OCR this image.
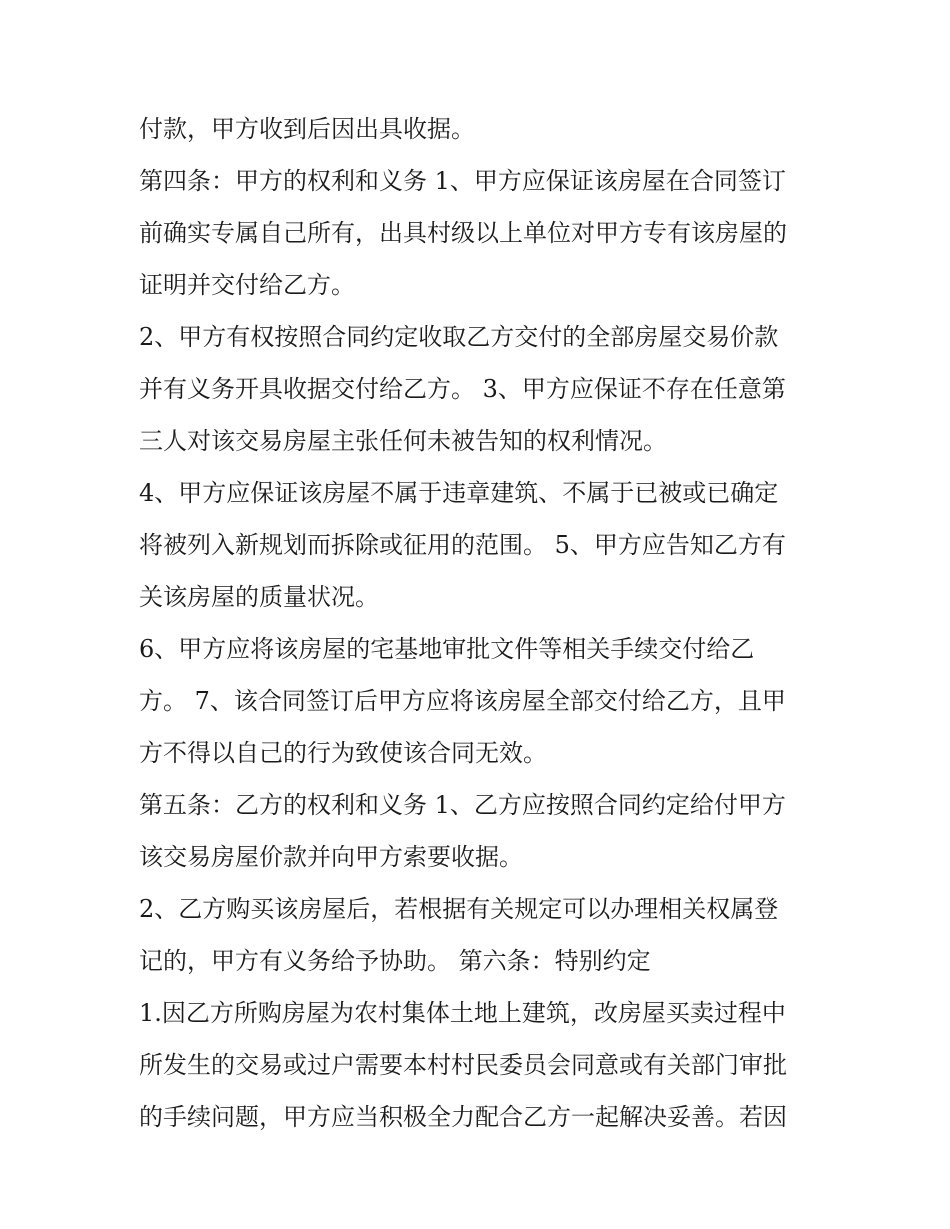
付款，甲方收到后因出具收据。
第四条：甲方的权利和义务 1、甲方应保证该房屋在合同签订
前确实专属自己所有，出具村级以上单位对甲方专有该房屋的
证明并交付给乙方。
2、甲方有权按照合同约定收取乙方交付的全部房屋交易价款
并有义务开具收据交付给乙方。 3、甲方应保证不存在任意第
三人对该交易房屋主张任何未被告知的权利情况。
4、甲方应保证该房屋不属于违章建筑、不属于已被或已确定
将被列入新规划而拆除或征用的范围。 5、甲方应告知乙方有
关该房屋的质量状况。
6、甲方应将该房屋的宅基地审批文件等相关手续交付给乙
方。 7、该合同签订后甲方应将该房屋全部交付给乙方，且甲
方不得以自己的行为致使该合同无效。
第五条：乙方的权利和义务 1、乙方应按照合同约定给付甲方
该交易房屋价款并向甲方索要收据。
2、乙方购买该房屋后，若根据有关规定可以办理相关权属登
记的，甲方有义务给予协助。 第六条：特别约定
1.因乙方所购房屋为农村集体土地上建筑，改房屋买卖过程中
所发生的交易或过户需要本村村民委员会同意或有关部门审批
的手续问题，甲方应当积极全力配合乙方一起解决妥善。若因
